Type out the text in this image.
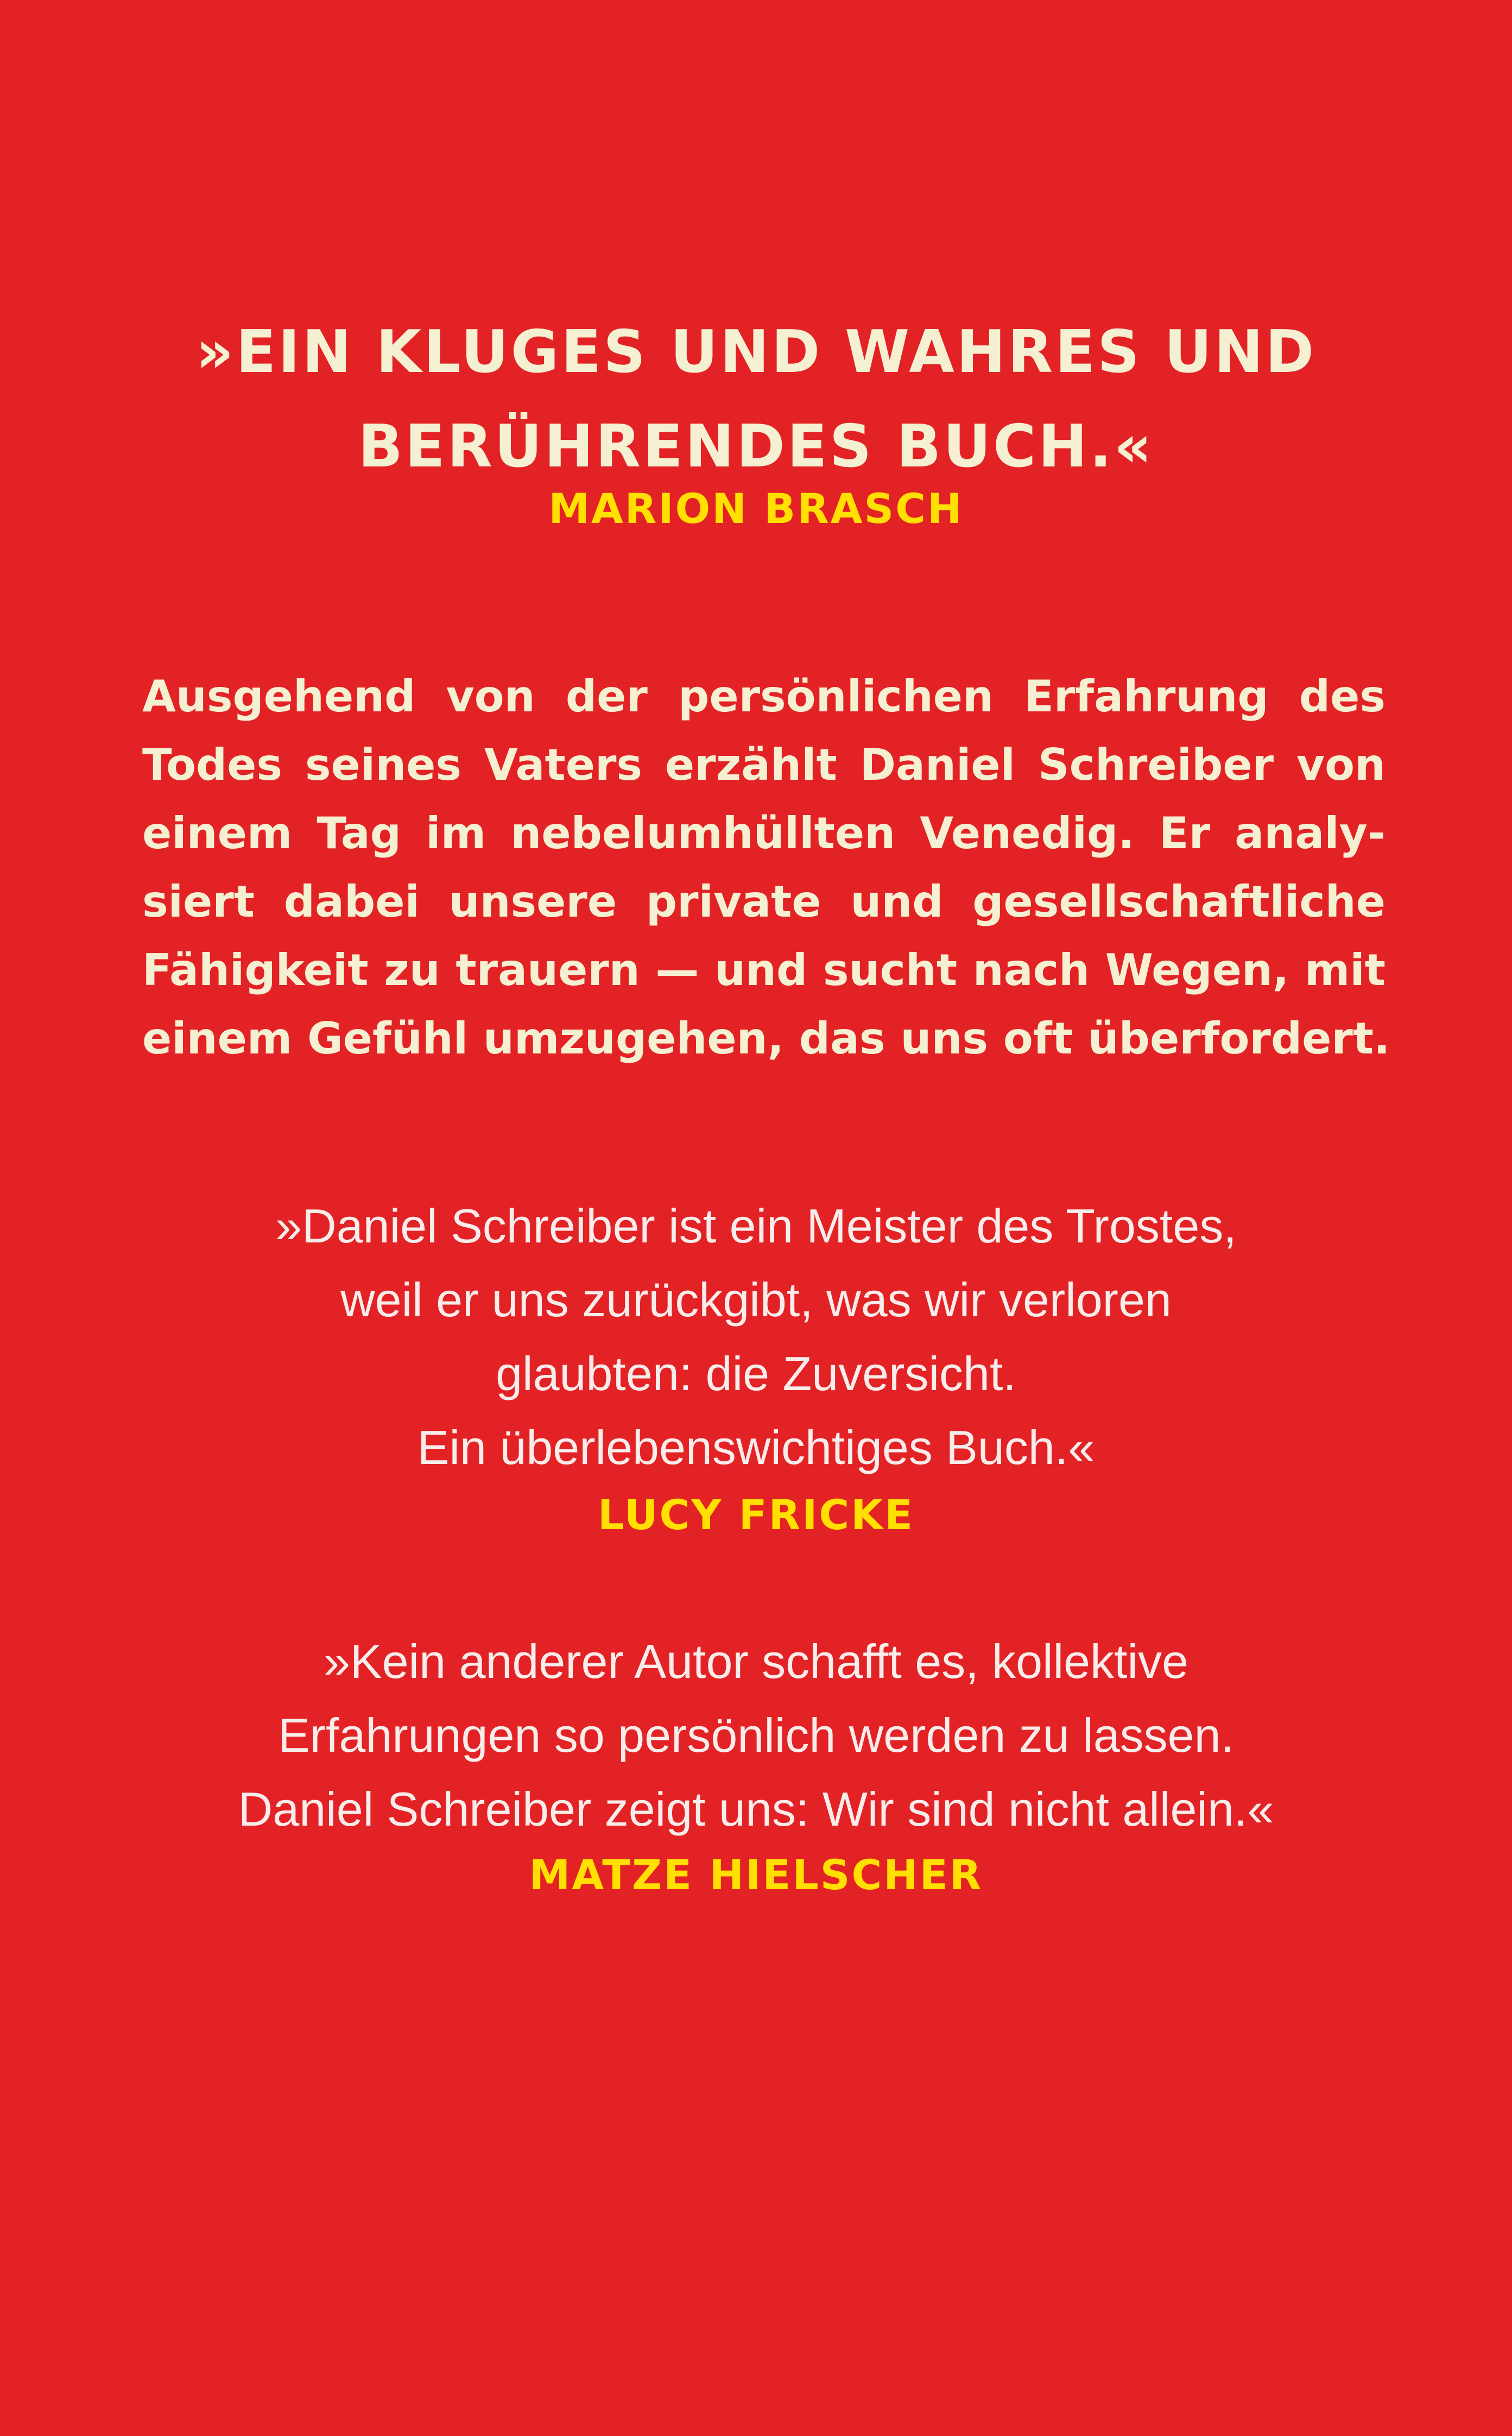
»EIN KLUGES UND WAHRES UND
BERÜHRENDES BUCH.«
MARION BRASCH
Ausgehend von der persönlichen Erfahrung des
Todes seines Vaters erzählt Daniel Schreiber von
einem Tag im nebelumhüllten Venedig. Er analy-
siert dabei unsere private und gesellschaftliche
Fähigkeit zu trauern — und sucht nach Wegen, mit
einem Gefühl umzugehen, das uns oft überfordert.
»Daniel Schreiber ist ein Meister des Trostes,
weil er uns zurückgibt, was wir verloren
glaubten: die Zuversicht.
Ein überlebenswichtiges Buch.«
LUCY FRICKE
»Kein anderer Autor schafft es, kollektive
Erfahrungen so persönlich werden zu lassen.
Daniel Schreiber zeigt uns: Wir sind nicht allein.«
MATZE HIELSCHER
